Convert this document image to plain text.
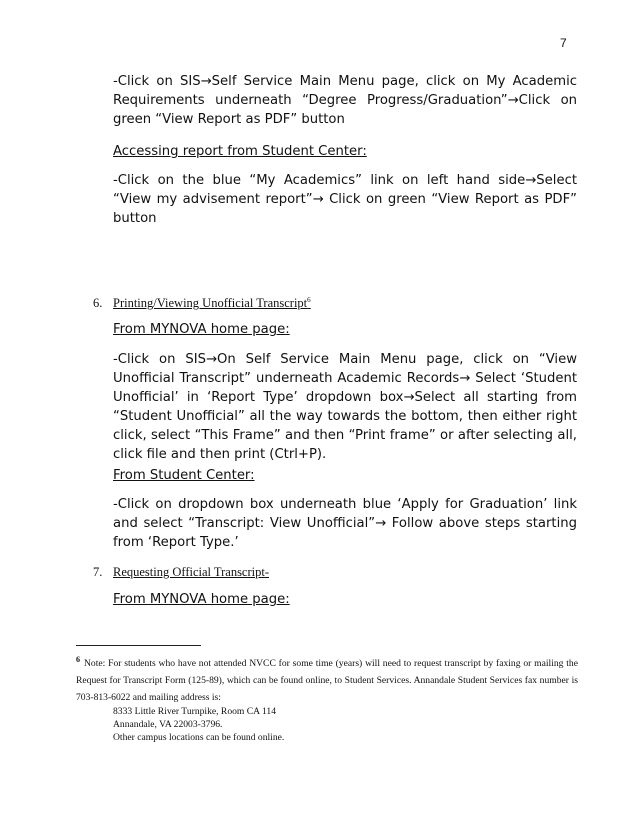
7
-Click on SIS→Self Service Main Menu page, click on My Academic Requirements underneath “Degree Progress/Graduation”→Click on green “View Report as PDF” button
Accessing report from Student Center:
-Click on the blue “My Academics” link on left hand side→Select “View my advisement report”→ Click on green “View Report as PDF” button
6. Printing/Viewing Unofficial Transcript$^6$
From MYNOVA home page:
-Click on SIS→On Self Service Main Menu page, click on “View Unofficial Transcript” underneath Academic Records→ Select ‘Student Unofficial’ in ‘Report Type’ dropdown box→Select all starting from “Student Unofficial” all the way towards the bottom, then either right click, select “This Frame” and then “Print frame” or after selecting all, click file and then print (Ctrl+P).
From Student Center:
-Click on dropdown box underneath blue ‘Apply for Graduation’ link and select “Transcript: View Unofficial”→ Follow above steps starting from ‘Report Type.’
7. Requesting Official Transcript-
From MYNOVA home page:
$^6$ Note: For students who have not attended NVCC for some time (years) will need to request transcript by faxing or mailing the Request for Transcript Form (125-89), which can be found online, to Student Services. Annandale Student Services fax number is 703-813-6022 and mailing address is:
8333 Little River Turnpike, Room CA 114
Annandale, VA 22003-3796.
Other campus locations can be found online.
